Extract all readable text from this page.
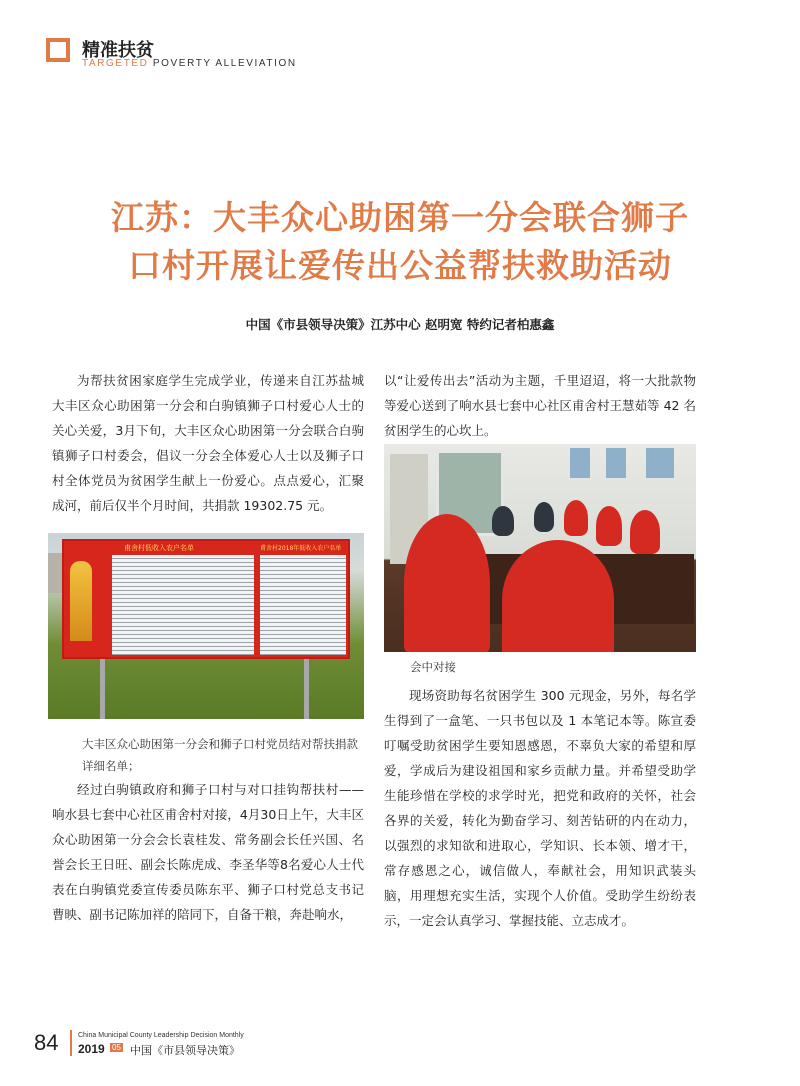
精准扶贫
TARGETED POVERTY ALLEVIATION
江苏：大丰众心助困第一分会联合狮子
口村开展让爱传出公益帮扶救助活动
中国《市县领导决策》江苏中心 赵明宽 特约记者柏惠鑫
为帮扶贫困家庭学生完成学业，传递来自江苏盐城大丰区众心助困第一分会和白驹镇狮子口村爱心人士的关心关爱，3月下旬，大丰区众心助困第一分会联合白驹镇狮子口村委会，倡议一分会全体爱心人士以及狮子口村全体党员为贫困学生献上一份爱心。点点爱心，汇聚成河，前后仅半个月时间，共捐款 19302.75 元。
甫舍村低收入农户名单	甫舍村2018年低收入农户名单
大丰区众心助困第一分会和狮子口村党员结对帮扶捐款详细名单；
经过白驹镇政府和狮子口村与对口挂钩帮扶村——响水县七套中心社区甫舍村对接，4月30日上午，大丰区众心助困第一分会会长袁桂发、常务副会长任兴国、名誉会长王日旺、副会长陈虎成、李圣华等8名爱心人士代表在白驹镇党委宣传委员陈东平、狮子口村党总支书记曹映、副书记陈加祥的陪同下，自备干粮，奔赴响水，
以“让爱传出去”活动为主题，千里迢迢，将一大批款物等爱心送到了响水县七套中心社区甫舍村王慧茹等 42 名贫困学生的心坎上。
会中对接
现场资助每名贫困学生 300 元现金，另外，每名学生得到了一盒笔、一只书包以及 1 本笔记本等。陈宣委叮嘱受助贫困学生要知恩感恩，不辜负大家的希望和厚爱，学成后为建设祖国和家乡贡献力量。并希望受助学生能珍惜在学校的求学时光，把党和政府的关怀，社会各界的关爱，转化为勤奋学习、刻苦钻研的内在动力，以强烈的求知欲和进取心，学知识、长本领、增才干，常存感恩之心，诚信做人，奉献社会，用知识武装头脑，用理想充实生活，实现个人价值。受助学生纷纷表示，一定会认真学习、掌握技能、立志成才。
84	China Municipal County Leadership Decision Monthly
2019 05 中国《市县领导决策》
